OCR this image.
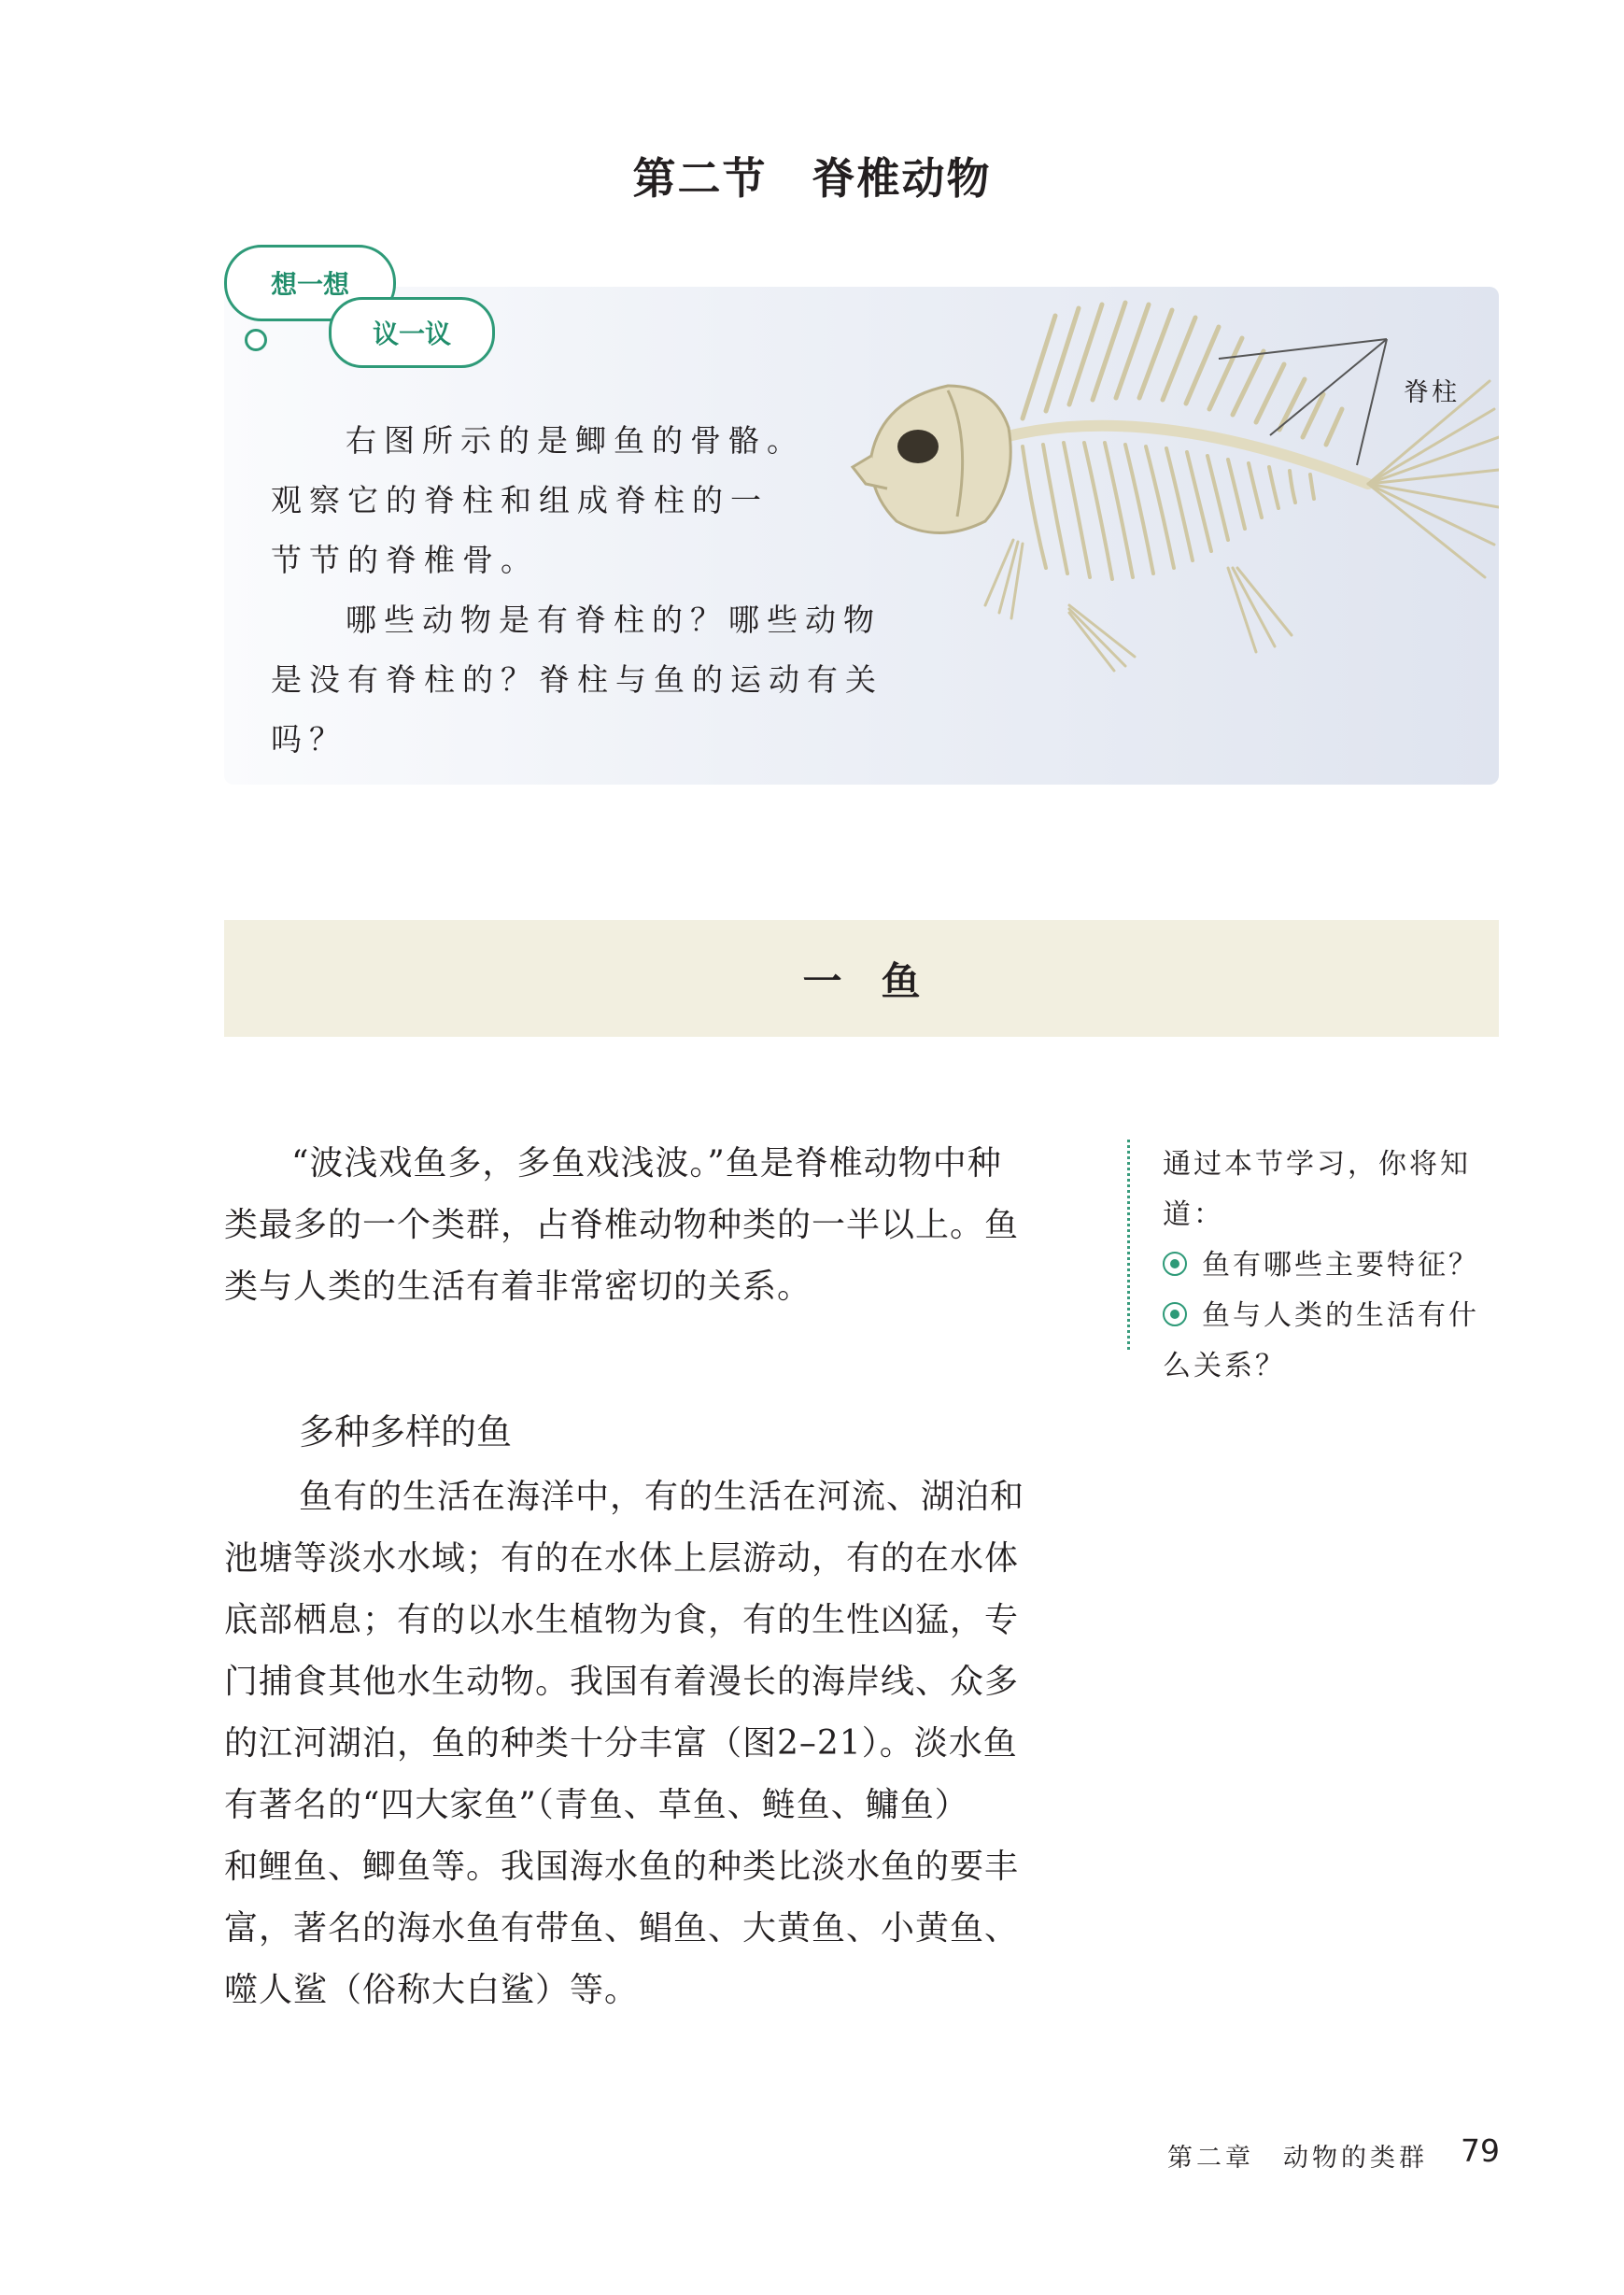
第二节　脊椎动物
想一想
议一议

右图所示的是鲫鱼的骨骼。

观察它的脊柱和组成脊柱的一

节节的脊椎骨。

哪些动物是有脊柱的？哪些动物

是没有脊柱的？脊柱与鱼的运动有关吗？

脊柱
一　鱼

“波浅戏鱼多，多鱼戏浅波。”鱼是脊椎动物中种

类最多的一个类群，占脊椎动物种类的一半以上。鱼

类与人类的生活有着非常密切的关系。

通过本节学习，你将知道：

鱼有哪些主要特征？

鱼与人类的生活有什

么关系？

多种多样的鱼

鱼有的生活在海洋中，有的生活在河流、湖泊和

池塘等淡水水域；有的在水体上层游动，有的在水体

底部栖息；有的以水生植物为食，有的生性凶猛，专

门捕食其他水生动物。我国有着漫长的海岸线、众多

的江河湖泊，鱼的种类十分丰富（图2–21）。淡水鱼

有著名的“四大家鱼”（青鱼、草鱼、鲢鱼、鳙鱼）

和鲤鱼、鲫鱼等。我国海水鱼的种类比淡水鱼的要丰

富，著名的海水鱼有带鱼、鲳鱼、大黄鱼、小黄鱼、

噬人鲨（俗称大白鲨）等。

第二章　动物的类群 79
